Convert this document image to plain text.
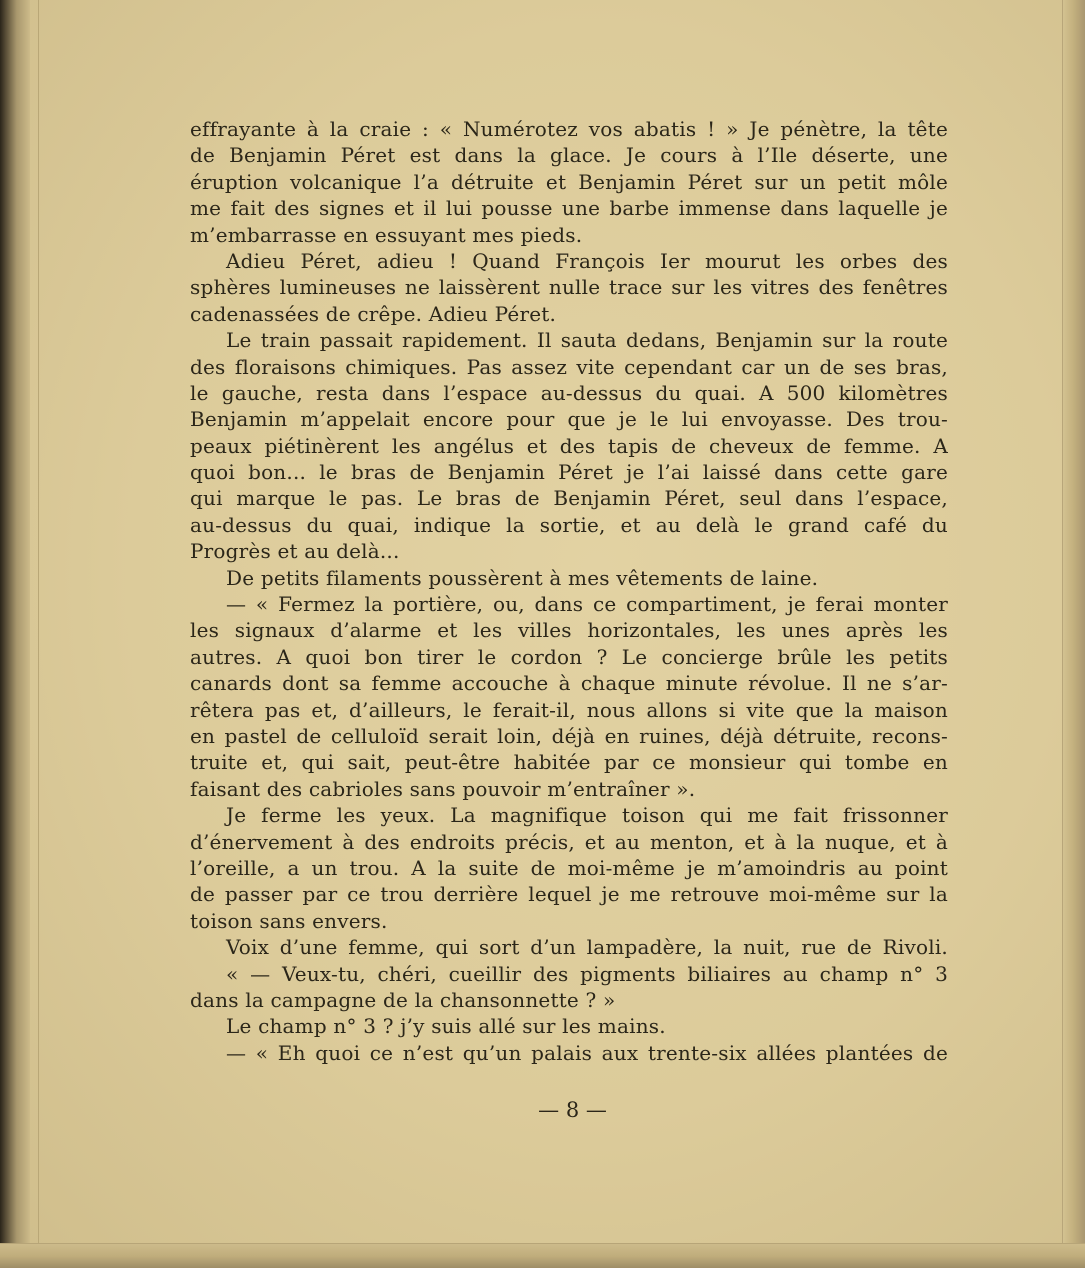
effrayante à la craie : « Numérotez vos abatis ! » Je pénètre, la tête
de Benjamin Péret est dans la glace. Je cours à l’Ile déserte, une
éruption volcanique l’a détruite et Benjamin Péret sur un petit môle
me fait des signes et il lui pousse une barbe immense dans laquelle je
m’embarrasse en essuyant mes pieds.
Adieu Péret, adieu ! Quand François Ier mourut les orbes des
sphères lumineuses ne laissèrent nulle trace sur les vitres des fenêtres
cadenassées de crêpe. Adieu Péret.
Le train passait rapidement. Il sauta dedans, Benjamin sur la route
des floraisons chimiques. Pas assez vite cependant car un de ses bras,
le gauche, resta dans l’espace au-dessus du quai. A 500 kilomètres
Benjamin m’appelait encore pour que je le lui envoyasse. Des trou-
peaux piétinèrent les angélus et des tapis de cheveux de femme. A
quoi bon... le bras de Benjamin Péret je l’ai laissé dans cette gare
qui marque le pas. Le bras de Benjamin Péret, seul dans l’espace,
au-dessus du quai, indique la sortie, et au delà le grand café du
Progrès et au delà...
De petits filaments poussèrent à mes vêtements de laine.
— « Fermez la portière, ou, dans ce compartiment, je ferai monter
les signaux d’alarme et les villes horizontales, les unes après les
autres. A quoi bon tirer le cordon ? Le concierge brûle les petits
canards dont sa femme accouche à chaque minute révolue. Il ne s’ar-
rêtera pas et, d’ailleurs, le ferait-il, nous allons si vite que la maison
en pastel de celluloïd serait loin, déjà en ruines, déjà détruite, recons-
truite et, qui sait, peut-être habitée par ce monsieur qui tombe en
faisant des cabrioles sans pouvoir m’entraîner ».
Je ferme les yeux. La magnifique toison qui me fait frissonner
d’énervement à des endroits précis, et au menton, et à la nuque, et à
l’oreille, a un trou. A la suite de moi-même je m’amoindris au point
de passer par ce trou derrière lequel je me retrouve moi-même sur la
toison sans envers.
Voix d’une femme, qui sort d’un lampadère, la nuit, rue de Rivoli.
« — Veux-tu, chéri, cueillir des pigments biliaires au champ n° 3
dans la campagne de la chansonnette ? »
Le champ n° 3 ? j’y suis allé sur les mains.
— « Eh quoi ce n’est qu’un palais aux trente-six allées plantées de
— 8 —
